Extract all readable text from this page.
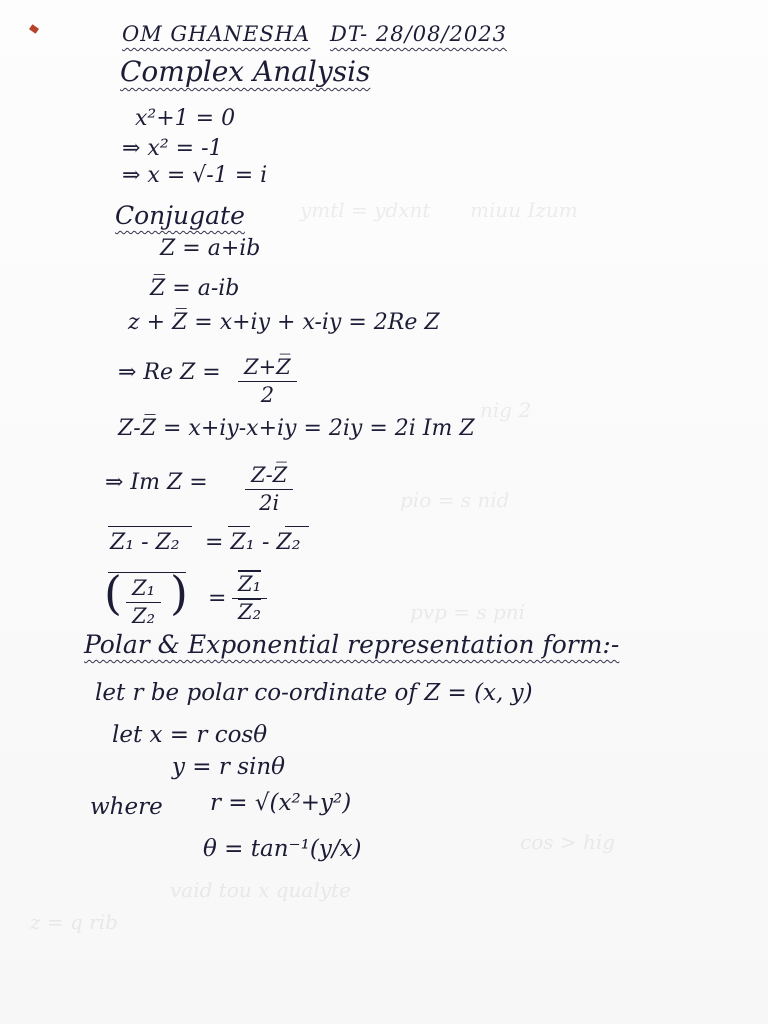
ymtl = ydxnt miuu Izum
nig 2
pio = s nid
pvp = s pni
cos > hig
vaid tou x qualyte
z = q rib
OM GHANESHA DT- 28/08/2023
Complex Analysis
x²+1 = 0
⇒ x² = -1
⇒ x = √-1 = i
Conjugate
Z = a+ib
Z̅ = a-ib
z + Z̅ = x+iy + x-iy = 2Re Z
⇒ Re $Z = \frac{Z+Z̅}{2}$
Z-Z̅ = x+iy-x+iy = 2iy = 2i Im Z
⇒ Im $Z = \frac{Z-Z̅}{2i}$
Z₁ - Z₂ = Z₁ - Z₂
( $\frac{\text{Z₁}}{\text{Z₂}}$ ) = $\frac{\text{Z₁}}{\text{Z₂}}$
Polar & Exponential representation form:-
let r be polar co-ordinate of Z = (x, y)
let x = r cosθ
y = r sinθ
where r = √(x²+y²)
θ = tan⁻¹(y/x)
